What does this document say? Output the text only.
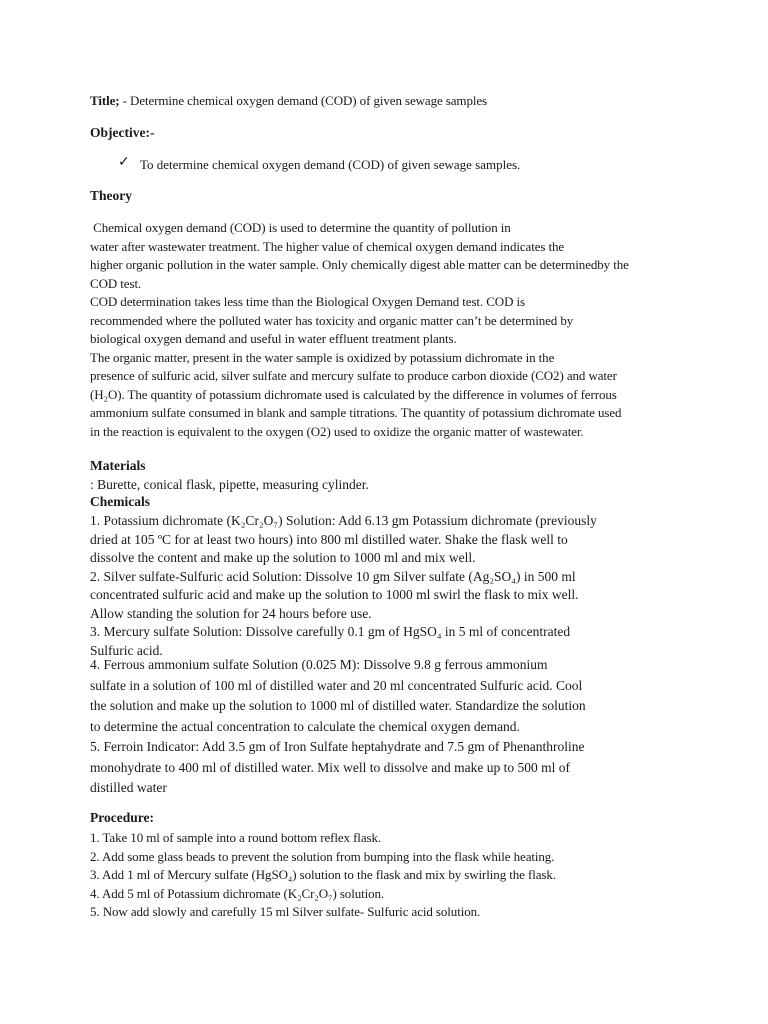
Title; - Determine chemical oxygen demand (COD) of given sewage samples
Objective:-
✓ To determine chemical oxygen demand (COD) of given sewage samples.
Theory
Chemical oxygen demand (COD) is used to determine the quantity of pollution in
water after wastewater treatment. The higher value of chemical oxygen demand indicates the
higher organic pollution in the water sample. Only chemically digest able matter can be determinedby the
COD test.
COD determination takes less time than the Biological Oxygen Demand test. COD is
recommended where the polluted water has toxicity and organic matter can’t be determined by
biological oxygen demand and useful in water effluent treatment plants.
The organic matter, present in the water sample is oxidized by potassium dichromate in the
presence of sulfuric acid, silver sulfate and mercury sulfate to produce carbon dioxide (CO2) and water
(H₂O). The quantity of potassium dichromate used is calculated by the difference in volumes of ferrous
ammonium sulfate consumed in blank and sample titrations. The quantity of potassium dichromate used
in the reaction is equivalent to the oxygen (O2) used to oxidize the organic matter of wastewater.
Materials
: Burette, conical flask, pipette, measuring cylinder.
Chemicals
1. Potassium dichromate (K₂Cr₂O₇) Solution: Add 6.13 gm Potassium dichromate (previously
dried at 105 ºC for at least two hours) into 800 ml distilled water. Shake the flask well to
dissolve the content and make up the solution to 1000 ml and mix well.
2. Silver sulfate-Sulfuric acid Solution: Dissolve 10 gm Silver sulfate (Ag₂SO₄) in 500 ml
concentrated sulfuric acid and make up the solution to 1000 ml swirl the flask to mix well.
Allow standing the solution for 24 hours before use.
3. Mercury sulfate Solution: Dissolve carefully 0.1 gm of HgSO₄ in 5 ml of concentrated
Sulfuric acid.
4. Ferrous ammonium sulfate Solution (0.025 M): Dissolve 9.8 g ferrous ammonium
sulfate in a solution of 100 ml of distilled water and 20 ml concentrated Sulfuric acid. Cool
the solution and make up the solution to 1000 ml of distilled water. Standardize the solution
to determine the actual concentration to calculate the chemical oxygen demand.
5. Ferroin Indicator: Add 3.5 gm of Iron Sulfate heptahydrate and 7.5 gm of Phenanthroline
monohydrate to 400 ml of distilled water. Mix well to dissolve and make up to 500 ml of
distilled water
Procedure:
1. Take 10 ml of sample into a round bottom reflex flask.
2. Add some glass beads to prevent the solution from bumping into the flask while heating.
3. Add 1 ml of Mercury sulfate (HgSO₄) solution to the flask and mix by swirling the flask.
4. Add 5 ml of Potassium dichromate (K₂Cr₂O₇) solution.
5. Now add slowly and carefully 15 ml Silver sulfate- Sulfuric acid solution.
